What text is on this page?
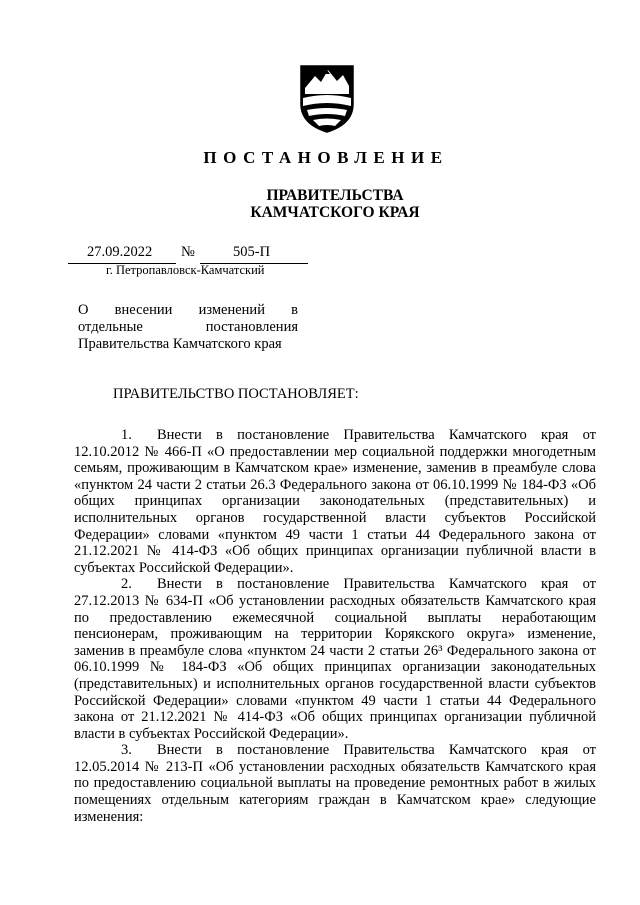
ПОСТАНОВЛЕНИЕ
ПРАВИТЕЛЬСТВА
КАМЧАТСКОГО КРАЯ
27.09.2022 №	505-П
г. Петропавловск-Камчатский
О внесении изменений в
отдельные постановления
Правительства Камчатского края
ПРАВИТЕЛЬСТВО ПОСТАНОВЛЯЕТ:

1. Внести в постановление Правительства Камчатского края от 12.10.2012 № 466-П «О предоставлении мер социальной поддержки многодетным семьям, проживающим в Камчатском крае» изменение, заменив в преамбуле слова «пунктом 24 части 2 статьи 26.3 Федерального закона от 06.10.1999 № 184-ФЗ «Об общих принципах организации законодательных (представительных) и исполнительных органов государственной власти субъектов Российской Федерации» словами «пунктом 49 части 1 статьи 44 Федерального закона от 21.12.2021 № 414-ФЗ «Об общих принципах организации публичной власти в субъектах Российской Федерации».

2. Внести в постановление Правительства Камчатского края от 27.12.2013 № 634-П «Об установлении расходных обязательств Камчатского края по предоставлению ежемесячной социальной выплаты неработающим пенсионерам, проживающим на территории Корякского округа» изменение, заменив в преамбуле слова «пунктом 24 части 2 статьи 26³ Федерального закона от 06.10.1999 № 184-ФЗ «Об общих принципах организации законодательных (представительных) и исполнительных органов государственной власти субъектов Российской Федерации» словами «пунктом 49 части 1 статьи 44 Федерального закона от 21.12.2021 № 414-ФЗ «Об общих принципах организации публичной власти в субъектах Российской Федерации».

3. Внести в постановление Правительства Камчатского края от 12.05.2014 № 213-П «Об установлении расходных обязательств Камчатского края по предоставлению социальной выплаты на проведение ремонтных работ в жилых помещениях отдельным категориям граждан в Камчатском крае» следующие изменения:
